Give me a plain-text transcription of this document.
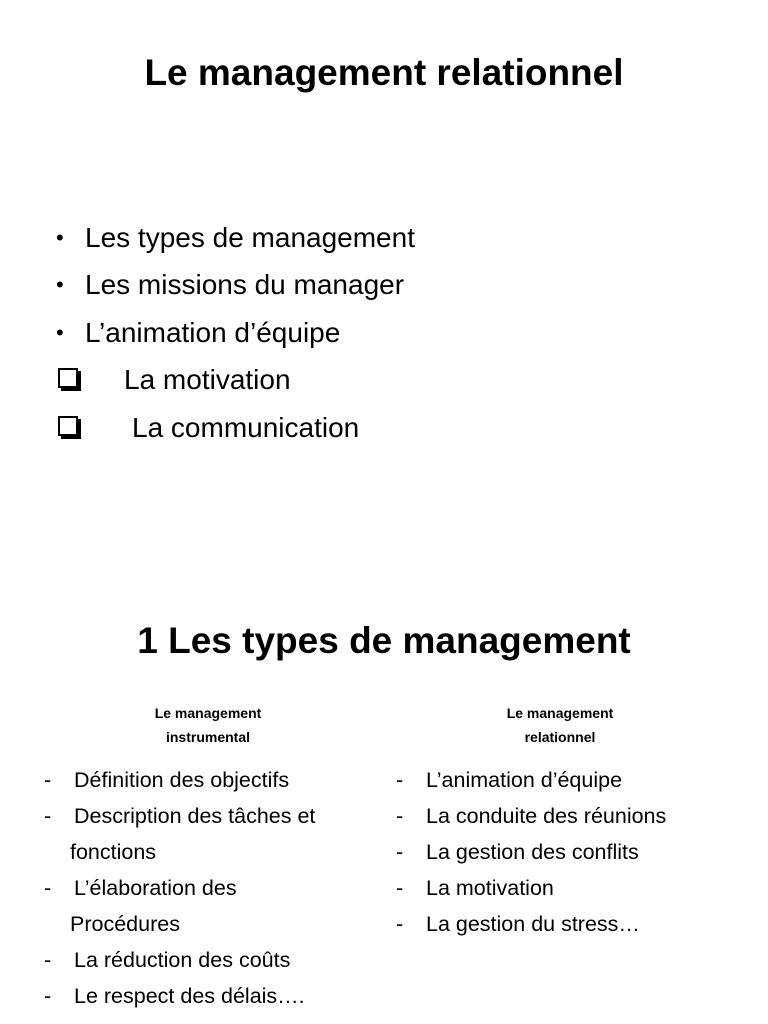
Le management relationnel
• Les types de management
• Les missions du manager
• L’animation d’équipe
La motivation
La communication
1 Les types de management
Le management
instrumental
- Définition des objectifs
- Description des tâches et
fonctions
- L’élaboration des
Procédures
- La réduction des coûts
- Le respect des délais….
Le management
relationnel
- L’animation d’équipe
- La conduite des réunions
- La gestion des conflits
- La motivation
- La gestion du stress…
